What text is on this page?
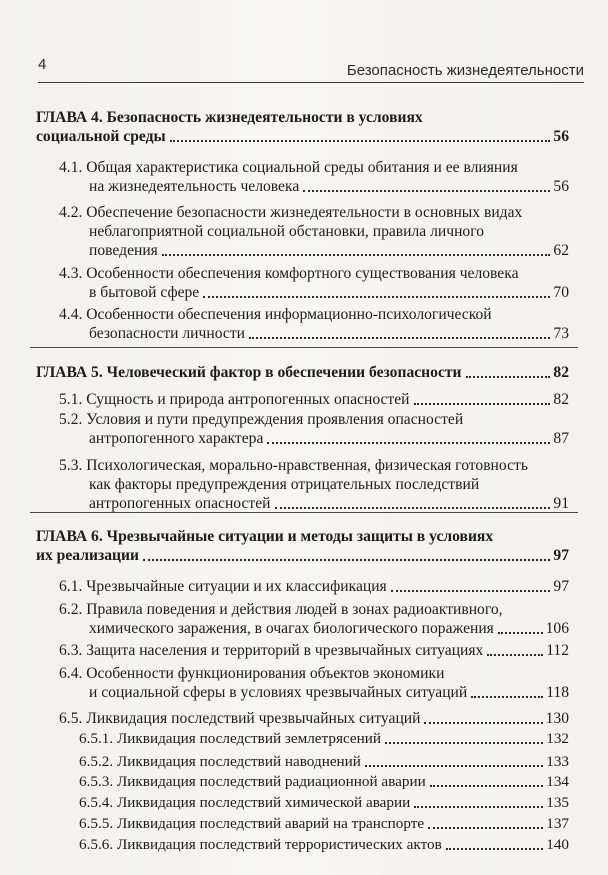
4	Безопасность жизнедеятельности
ГЛАВА 4. Безопасность жизнедеятельности в условиях
социальной среды	56
4.1. Общая характеристика социальной среды обитания и ее влияния
на жизнедеятельность человека	56
4.2. Обеспечение безопасности жизнедеятельности в основных видах
неблагоприятной социальной обстановки, правила личного
поведения	62
4.3. Особенности обеспечения комфортного существования человека
в бытовой сфере	70
4.4. Особенности обеспечения информационно-психологической
безопасности личности	73
ГЛАВА 5. Человеческий фактор в обеспечении безопасности	82
5.1. Сущность и природа антропогенных опасностей	82
5.2. Условия и пути предупреждения проявления опасностей
антропогенного характера	87
5.3. Психологическая, морально-нравственная, физическая готовность
как факторы предупреждения отрицательных последствий
антропогенных опасностей	91
ГЛАВА 6. Чрезвычайные ситуации и методы защиты в условиях
их реализации	97
6.1. Чрезвычайные ситуации и их классификация	97
6.2. Правила поведения и действия людей в зонах радиоактивного,
химического заражения, в очагах биологического поражения	106
6.3. Защита населения и территорий в чрезвычайных ситуациях	112
6.4. Особенности функционирования объектов экономики
и социальной сферы в условиях чрезвычайных ситуаций	118
6.5. Ликвидация последствий чрезвычайных ситуаций	130
6.5.1. Ликвидация последствий землетрясений	132
6.5.2. Ликвидация последствий наводнений	133
6.5.3. Ликвидация последствий радиационной аварии	134
6.5.4. Ликвидация последствий химической аварии	135
6.5.5. Ликвидация последствий аварий на транспорте	137
6.5.6. Ликвидация последствий террористических актов	140
